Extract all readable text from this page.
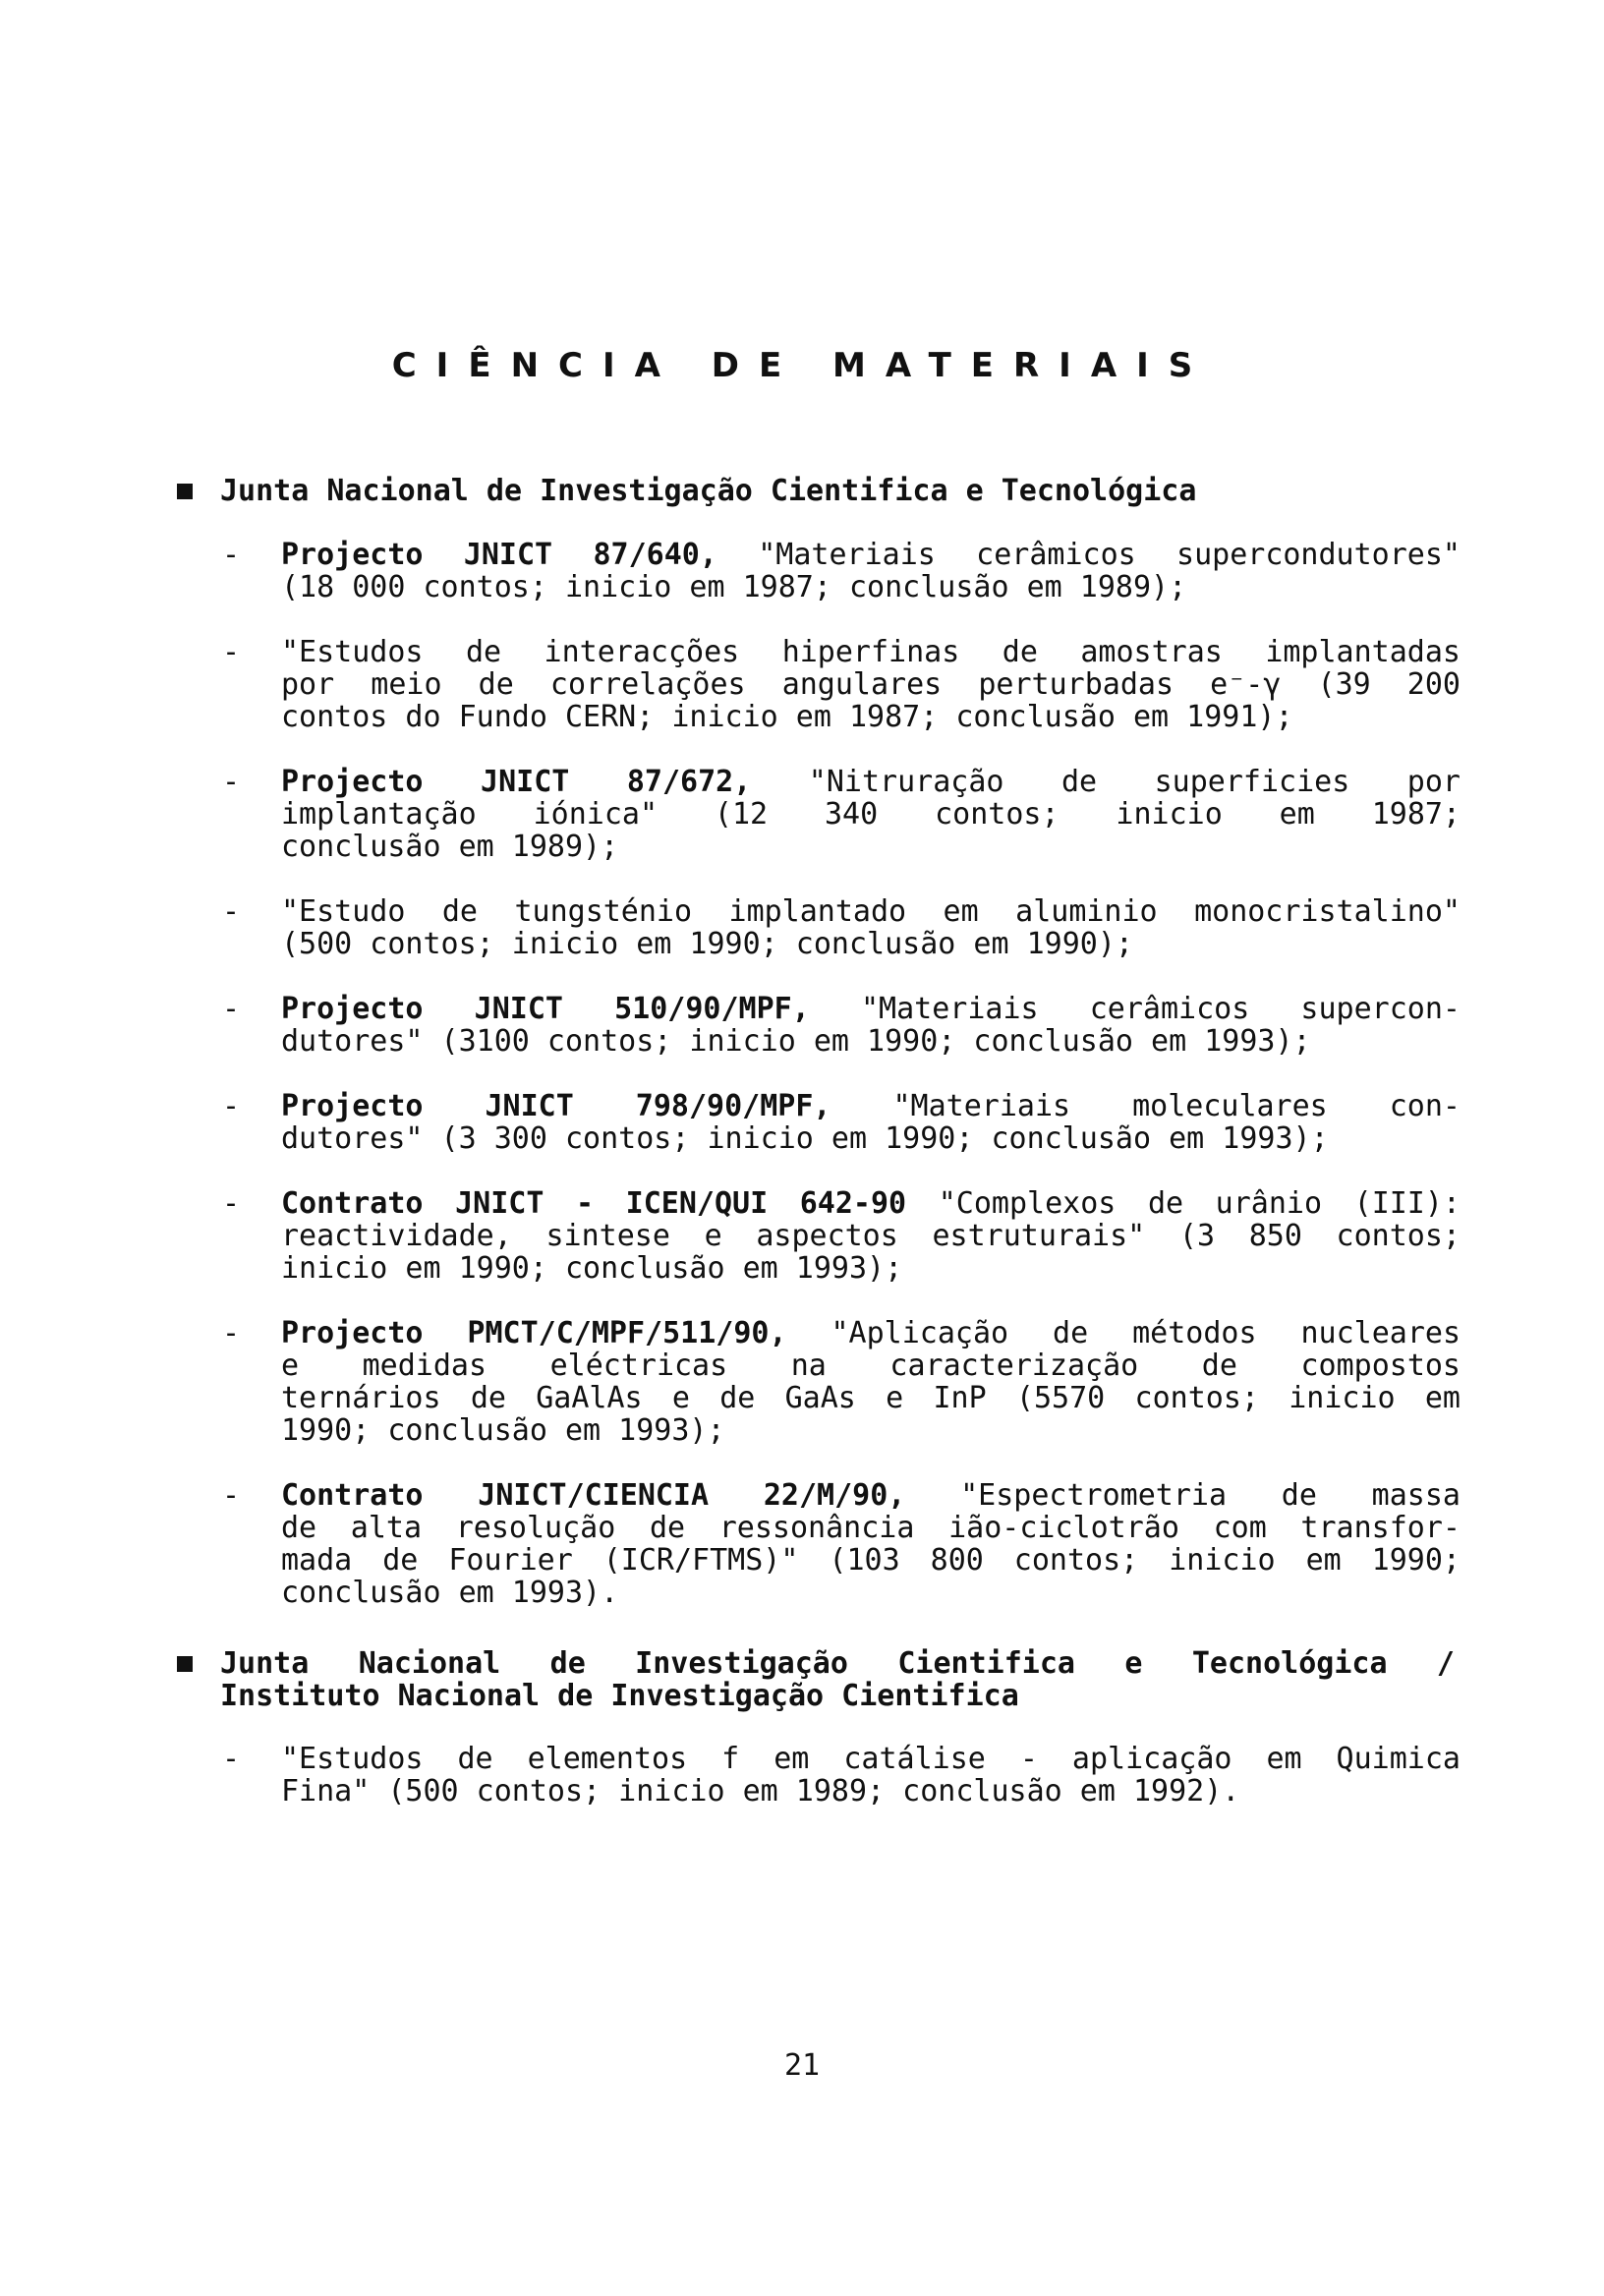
CIÊNCIA DE MATERIAIS
Junta Nacional de Investigação Cientifica e Tecnológica
- Projecto JNICT 87/640, "Materiais cerâmicos supercondutores"
(18 000 contos; inicio em 1987; conclusão em 1989);
- "Estudos de interacções hiperfinas de amostras implantadas
por meio de correlações angulares perturbadas e⁻-γ (39 200
contos do Fundo CERN; inicio em 1987; conclusão em 1991);
- Projecto JNICT 87/672, "Nitruração de superficies por
implantação iónica" (12 340 contos; inicio em 1987;
conclusão em 1989);
- "Estudo de tungsténio implantado em aluminio monocristalino"
(500 contos; inicio em 1990; conclusão em 1990);
- Projecto JNICT 510/90/MPF, "Materiais cerâmicos supercon-
dutores" (3100 contos; inicio em 1990; conclusão em 1993);
- Projecto JNICT 798/90/MPF, "Materiais moleculares con-
dutores" (3 300 contos; inicio em 1990; conclusão em 1993);
- Contrato JNICT - ICEN/QUI 642-90 "Complexos de urânio (III):
reactividade, sintese e aspectos estruturais" (3 850 contos;
inicio em 1990; conclusão em 1993);
- Projecto PMCT/C/MPF/511/90, "Aplicação de métodos nucleares
e medidas eléctricas na caracterização de compostos
ternários de GaAlAs e de GaAs e InP (5570 contos; inicio em
1990; conclusão em 1993);
- Contrato JNICT/CIENCIA 22/M/90, "Espectrometria de massa
de alta resolução de ressonância ião-ciclotrão com transfor-
mada de Fourier (ICR/FTMS)" (103 800 contos; inicio em 1990;
conclusão em 1993).
Junta Nacional de Investigação Cientifica e Tecnológica /
Instituto Nacional de Investigação Cientifica
- "Estudos de elementos f em catálise - aplicação em Quimica
Fina" (500 contos; inicio em 1989; conclusão em 1992).
21
